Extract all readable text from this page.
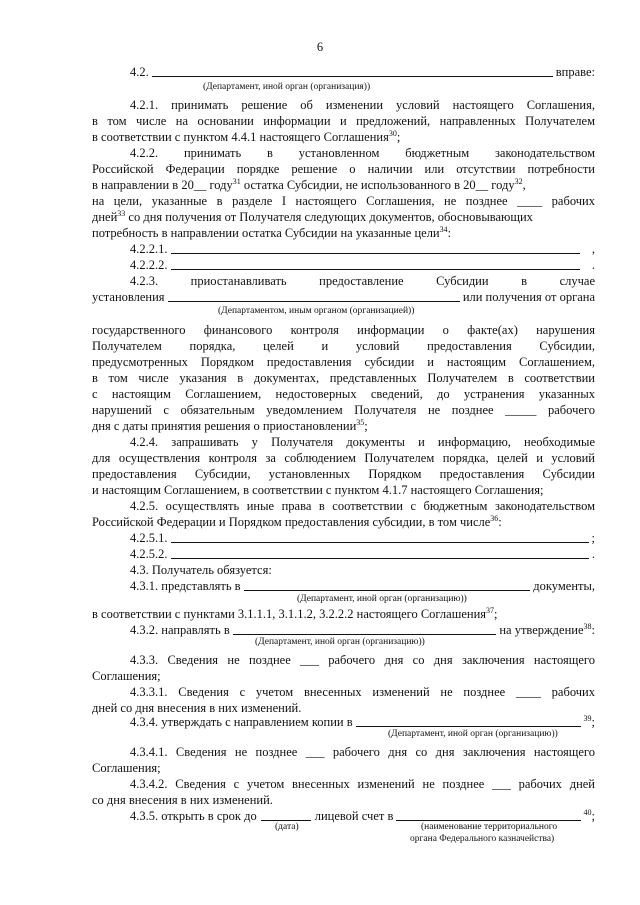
6
4.2.	вправе:
(Департамент, иной орган (организация))
4.2.1. принимать решение об изменении условий настоящего Соглашения,
в том числе на основании информации и предложений, направленных Получателем
в соответствии с пунктом 4.4.1 настоящего Соглашения$^{30}$;
4.2.2. принимать в установленном бюджетным законодательством
Российской Федерации порядке решение о наличии или отсутствии потребности
в направлении в 20__ году$^{31}$ остатка Субсидии, не использованного в 20__ году$^{32}$,
на цели, указанные в разделе I настоящего Соглашения, не позднее ____ рабочих
дней$^{33}$ со дня получения от Получателя следующих документов, обосновывающих
потребность в направлении остатка Субсидии на указанные цели$^{34}$:
4.2.2.1.	,
4.2.2.2.	.
4.2.3. приостанавливать предоставление Субсидии в случае
установления	или получения от органа
(Департаментом, иным органом (организацией))
государственного финансового контроля информации о факте(ах) нарушения
Получателем порядка, целей и условий предоставления Субсидии,
предусмотренных Порядком предоставления субсидии и настоящим Соглашением,
в том числе указания в документах, представленных Получателем в соответствии
с настоящим Соглашением, недостоверных сведений, до устранения указанных
нарушений с обязательным уведомлением Получателя не позднее _____ рабочего
дня с даты принятия решения о приостановлении$^{35}$;
4.2.4. запрашивать у Получателя документы и информацию, необходимые
для осуществления контроля за соблюдением Получателем порядка, целей и условий
предоставления Субсидии, установленных Порядком предоставления Субсидии
и настоящим Соглашением, в соответствии с пунктом 4.1.7 настоящего Соглашения;
4.2.5. осуществлять иные права в соответствии с бюджетным законодательством
Российской Федерации и Порядком предоставления субсидии, в том числе$^{36}$:
4.2.5.1.	;
4.2.5.2.	.
4.3. Получатель обязуется:
4.3.1. представлять в	документы,
(Департамент, иной орган (организацию))
в соответствии с пунктами 3.1.1.1, 3.1.1.2, 3.2.2.2 настоящего Соглашения$^{37}$;
4.3.2. направлять в	на утверждение$^{38}$:
(Департамент, иной орган (организацию))
4.3.3. Сведения не позднее ___ рабочего дня со дня заключения настоящего
Соглашения;
4.3.3.1. Сведения с учетом внесенных изменений не позднее ____ рабочих
дней со дня внесения в них изменений.
4.3.4. утверждать с направлением копии в	$^{39}$;
(Департамент, иной орган (организацию))
4.3.4.1. Сведения не позднее ___ рабочего дня со дня заключения настоящего
Соглашения;
4.3.4.2. Сведения с учетом внесенных изменений не позднее ___ рабочих дней
со дня внесения в них изменений.
4.3.5. открыть в срок до	лицевой счет в	$^{40}$;
(дата)	(наименование территориального
органа Федерального казначейства)
